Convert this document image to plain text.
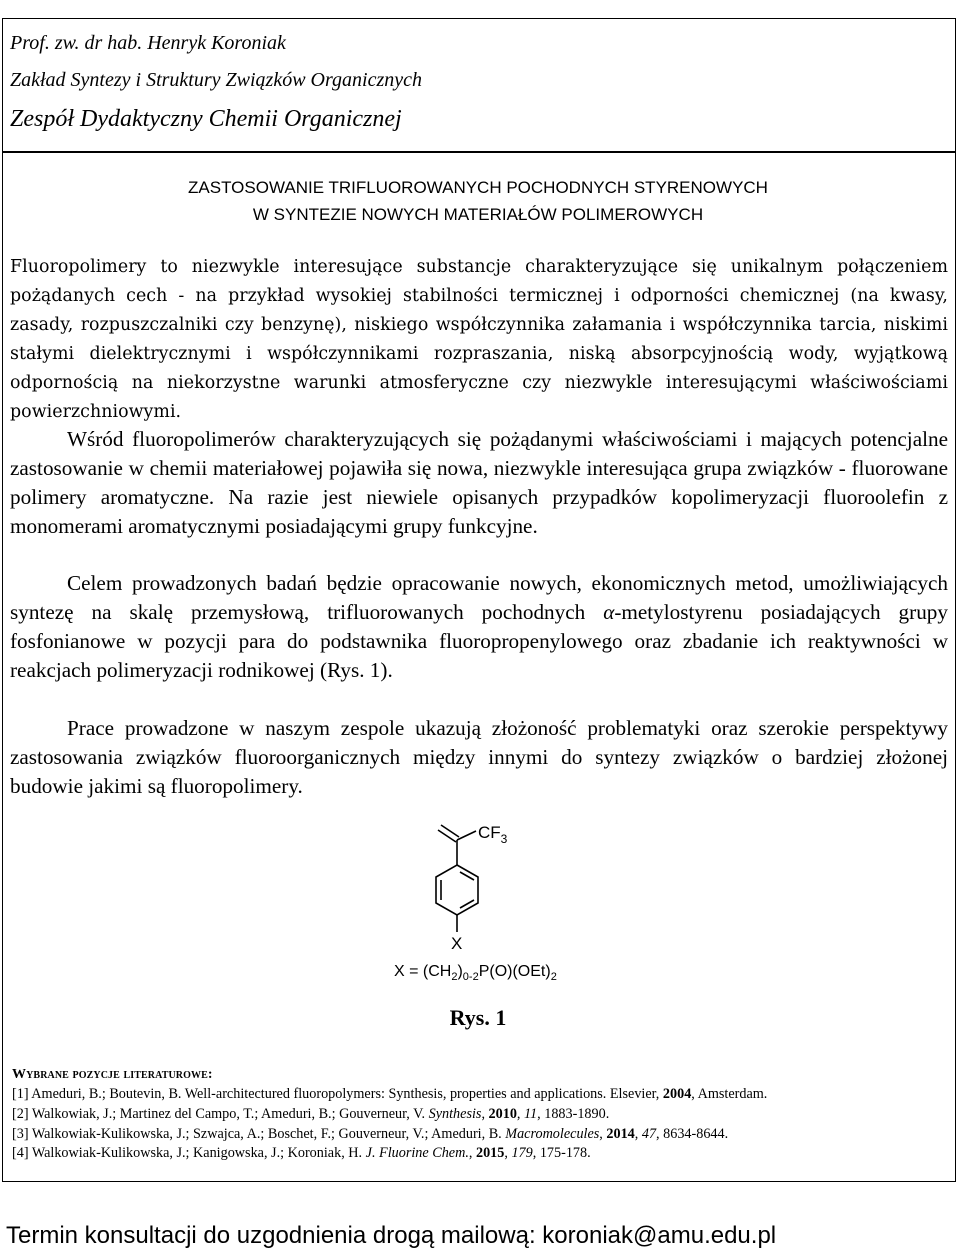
Prof. zw. dr hab. Henryk Koroniak
Zakład Syntezy i Struktury Związków Organicznych
Zespół Dydaktyczny Chemii Organicznej
ZASTOSOWANIE TRIFLUOROWANYCH POCHODNYCH STYRENOWYCH
W SYNTEZIE NOWYCH MATERIAŁÓW POLIMEROWYCH

Fluoropolimery to niezwykle interesujące substancje charakteryzujące się unikalnym połączeniem pożądanych cech - na przykład wysokiej stabilności termicznej i odporności chemicznej (na kwasy, zasady, rozpuszczalniki czy benzynę), niskiego współczynnika załamania i współczynnika tarcia, niskimi stałymi dielektrycznymi i współczynnikami rozpraszania, niską absorpcyjnością wody, wyjątkową odpornością na niekorzystne warunki atmosferyczne czy niezwykle interesującymi właściwościami powierzchniowymi.

Wśród fluoropolimerów charakteryzujących się pożądanymi właściwościami i mających potencjalne zastosowanie w chemii materiałowej pojawiła się nowa, niezwykle interesująca grupa związków - fluorowane polimery aromatyczne. Na razie jest niewiele opisanych przypadków kopolimeryzacji fluoroolefin z monomerami aromatycznymi posiadającymi grupy funkcyjne.

Celem prowadzonych badań będzie opracowanie nowych, ekonomicznych metod, umożliwiających syntezę na skalę przemysłową, trifluorowanych pochodnych α-metylostyrenu posiadających grupy fosfonianowe w pozycji para do podstawnika fluoropropenylowego oraz zbadanie ich reaktywności w reakcjach polimeryzacji rodnikowej (Rys. 1).

Prace prowadzone w naszym zespole ukazują złożoność problematyki oraz szerokie perspektywy zastosowania związków fluoroorganicznych między innymi do syntezy związków o bardziej złożonej budowie jakimi są fluoropolimery.

$CF_3$
X
$X = (CH_2)_{0-2}P(O)(OEt)_2$
Rys. 1
Wybrane pozycje literaturowe:
[1] Ameduri, B.; Boutevin, B. Well-architectured fluoropolymers: Synthesis, properties and applications. Elsevier, 2004, Amsterdam.
[2] Walkowiak, J.; Martinez del Campo, T.; Ameduri, B.; Gouverneur, V. Synthesis, 2010, 11, 1883-1890.
[3] Walkowiak-Kulikowska, J.; Szwajca, A.; Boschet, F.; Gouverneur, V.; Ameduri, B. Macromolecules, 2014, 47, 8634-8644.
[4] Walkowiak-Kulikowska, J.; Kanigowska, J.; Koroniak, H. J. Fluorine Chem., 2015, 179, 175-178.
Termin konsultacji do uzgodnienia drogą mailową: koroniak@amu.edu.pl
